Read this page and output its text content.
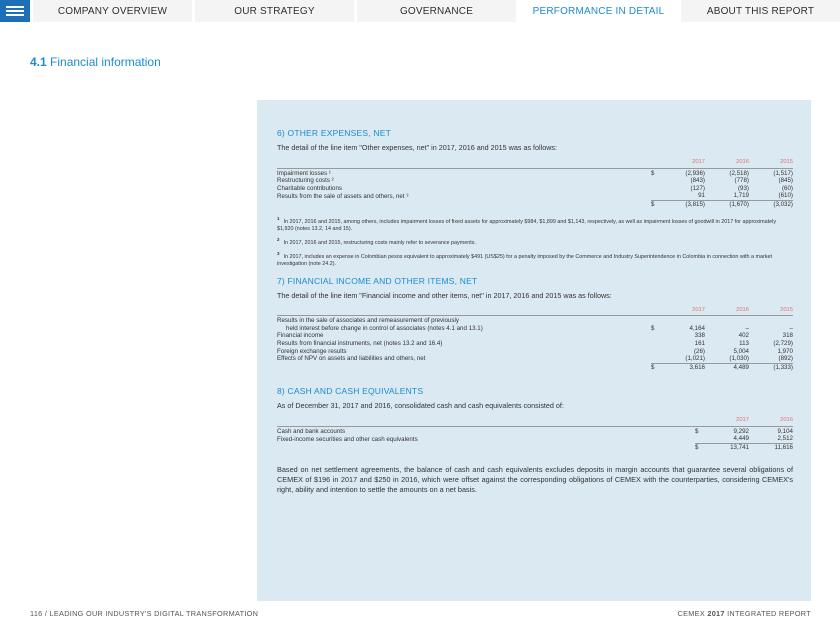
COMPANY OVERVIEW	OUR STRATEGY	GOVERNANCE	PERFORMANCE IN DETAIL	ABOUT THIS REPORT
4.1 Financial information
6) OTHER EXPENSES, NET
The detail of the line item "Other expenses, net" in 2017, 2016 and 2015 was as follows:
		2017	2016	2015
Impairment losses ¹	$	(2,936)	(2,518)	(1,517)
Restructuring costs ²		(843)	(778)	(845)
Charitable contributions		(127)	(93)	(60)
Results from the sale of assets and others, net ³		91	1,719	(610)
	$	(3,815)	(1,670)	(3,032)

$^1$In 2017, 2016 and 2015, among others, includes impairment losses of fixed assets for approximately $984, $1,899 and $1,143, respectively, as well as impairment losses of goodwill in 2017 for approximately $1,920 (notes 13.2, 14 and 15).

$^2$In 2017, 2016 and 2015, restructuring costs mainly refer to severance payments.

$^3$In 2017, includes an expense in Colombian pesos equivalent to approximately $491 (US$25) for a penalty imposed by the Commerce and Industry Superintendence in Colombia in connection with a market investigation (note 24.2).

7) FINANCIAL INCOME AND OTHER ITEMS, NET
The detail of the line item "Financial income and other items, net" in 2017, 2016 and 2015 was as follows:
		2017	2016	2015
Results in the sale of associates and remeasurement of previously				
held interest before change in control of associates (notes 4.1 and 13.1)	$	4,164	–	–
Financial income		338	402	318
Results from financial instruments, net (notes 13.2 and 16.4)		161	113	(2,729)
Foreign exchange results		(26)	5,004	1,970
Effects of NPV on assets and liabilities and others, net		(1,021)	(1,030)	(892)
	$	3,616	4,489	(1,333)
8) CASH AND CASH EQUIVALENTS
As of December 31, 2017 and 2016, consolidated cash and cash equivalents consisted of:
		2017	2016
Cash and bank accounts	$	9,292	9,104
Fixed-income securities and other cash equivalents		4,449	2,512
	$	13,741	11,616
Based on net settlement agreements, the balance of cash and cash equivalents excludes deposits in margin accounts that guarantee several obligations of CEMEX of $196 in 2017 and $250 in 2016, which were offset against the corresponding obligations of CEMEX with the counterparties, considering CEMEX's right, ability and intention to settle the amounts on a net basis.
116 / LEADING OUR INDUSTRY'S DIGITAL TRANSFORMATION	CEMEX 2017 INTEGRATED REPORT
